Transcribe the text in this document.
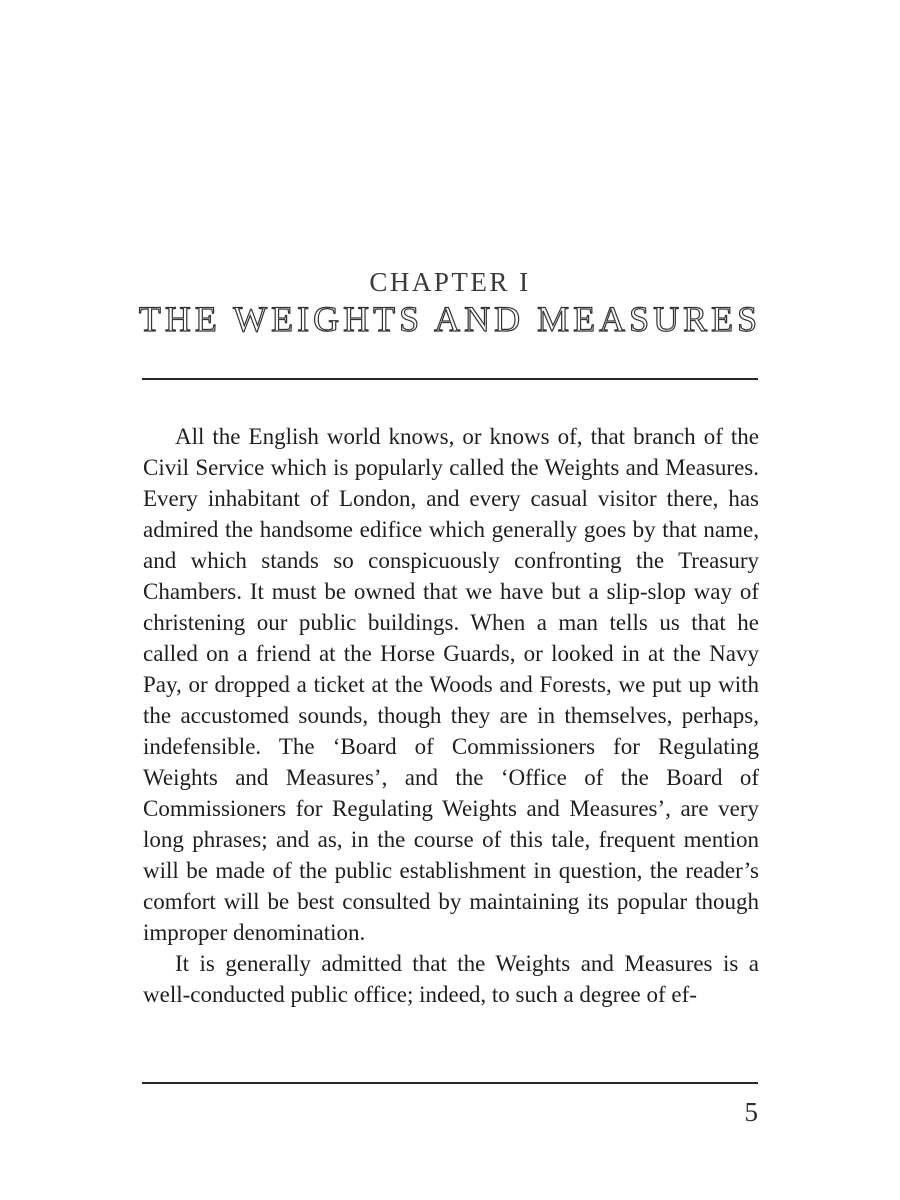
CHAPTER I
THE WEIGHTS AND MEASURES

All the English world knows, or knows of, that branch of the Civil Service which is popularly called the Weights and Measures. Every inhabitant of London, and every casual visitor there, has admired the handsome edifice which generally goes by that name, and which stands so conspicuously confronting the Treasury Chambers. It must be owned that we have but a slip-slop way of christening our public buildings. When a man tells us that he called on a friend at the Horse Guards, or looked in at the Navy Pay, or dropped a ticket at the Woods and Forests, we put up with the accustomed sounds, though they are in themselves, perhaps, indefensible. The ‘Board of Commissioners for Regulating Weights and Measures’, and the ‘Office of the Board of Commissioners for Regulating Weights and Measures’, are very long phrases; and as, in the course of this tale, frequent mention will be made of the public establishment in question, the reader’s comfort will be best consulted by maintaining its popular though improper denomination.

It is generally admitted that the Weights and Measures is a well-conducted public office; indeed, to such a degree of ef-

5
